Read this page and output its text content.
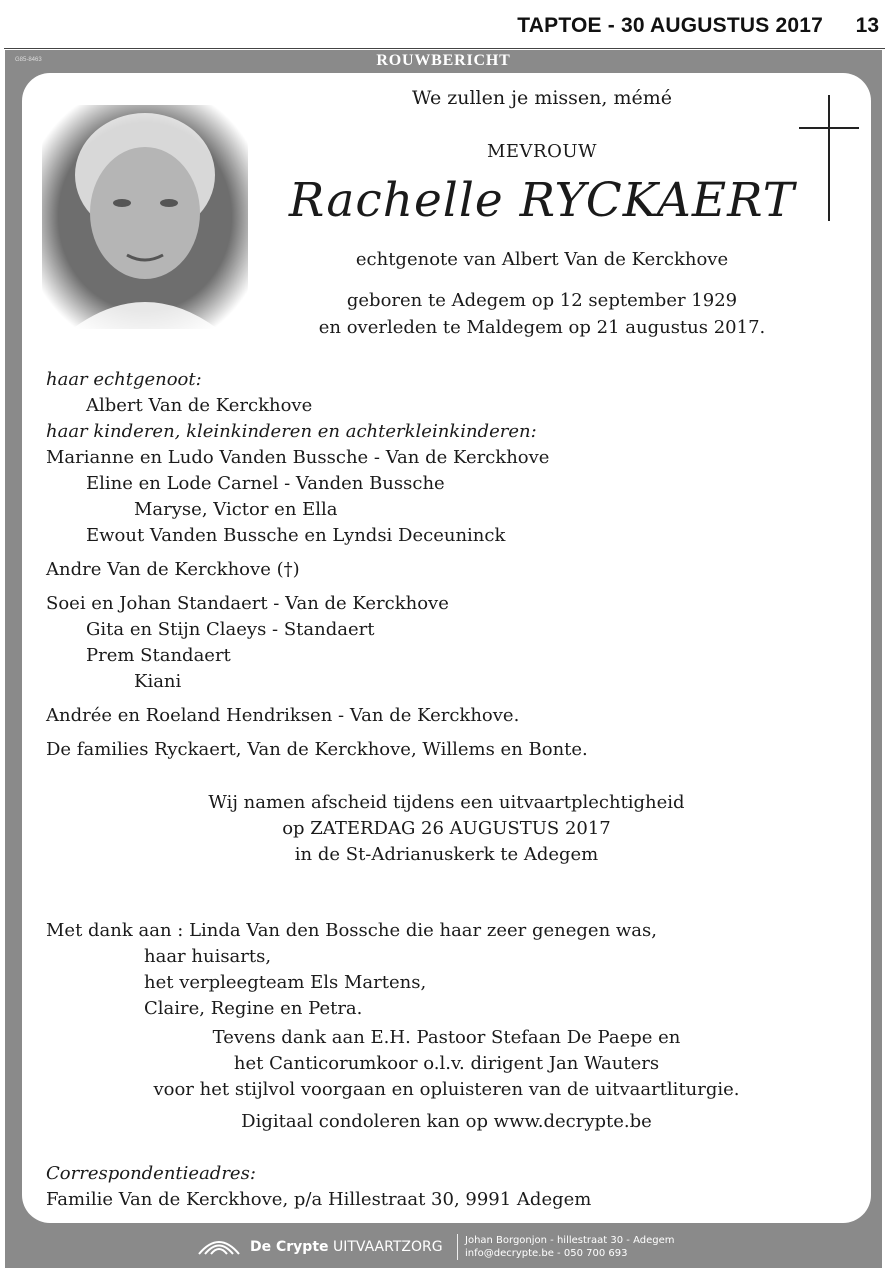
TAPTOE - 30 AUGUSTUS 2017 13
G85-8463	ROUWBERICHT
We zullen je missen, mémé
MEVROUW
Rachelle RYCKAERT
echtgenote van Albert Van de Kerckhove
geboren te Adegem op 12 september 1929
en overleden te Maldegem op 21 augustus 2017.
haar echtgenoot:
Albert Van de Kerckhove
haar kinderen, kleinkinderen en achterkleinkinderen:
Marianne en Ludo Vanden Bussche - Van de Kerckhove
Eline en Lode Carnel - Vanden Bussche
Maryse, Victor en Ella
Ewout Vanden Bussche en Lyndsi Deceuninck
Andre Van de Kerckhove (†)
Soei en Johan Standaert - Van de Kerckhove
Gita en Stijn Claeys - Standaert
Prem Standaert
Kiani
Andrée en Roeland Hendriksen - Van de Kerckhove.
De families Ryckaert, Van de Kerckhove, Willems en Bonte.
Wij namen afscheid tijdens een uitvaartplechtigheid
op ZATERDAG 26 AUGUSTUS 2017
in de St-Adrianuskerk te Adegem
Met dank aan : Linda Van den Bossche die haar zeer genegen was,
haar huisarts,
het verpleegteam Els Martens,
Claire, Regine en Petra.
Tevens dank aan E.H. Pastoor Stefaan De Paepe en
het Canticorumkoor o.l.v. dirigent Jan Wauters
voor het stijlvol voorgaan en opluisteren van de uitvaartliturgie.
Digitaal condoleren kan op www.decrypte.be
Correspondentieadres:
Familie Van de Kerckhove, p/a Hillestraat 30, 9991 Adegem
De Crypte UITVAARTZORG Johan Borgonjon - hillestraat 30 - Adegem
info@decrypte.be - 050 700 693
